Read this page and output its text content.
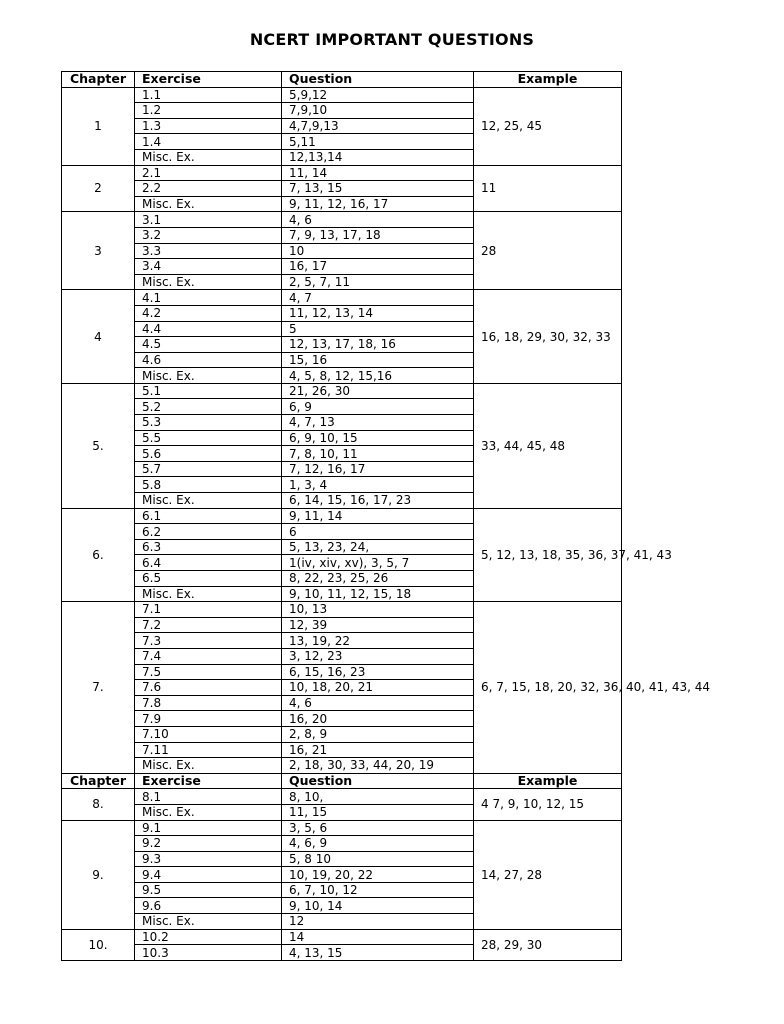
NCERT IMPORTANT QUESTIONS
Chapter	Exercise	Question	Example
1	1.1	5,9,12	12, 25, 45
	1.2	7,9,10	
	1.3	4,7,9,13	
	1.4	5,11	
	Misc. Ex.	12,13,14	
2	2.1	11, 14	11
	2.2	7, 13, 15	
	Misc. Ex.	9, 11, 12, 16, 17	
3	3.1	4, 6	28
	3.2	7, 9, 13, 17, 18	
	3.3	10	
	3.4	16, 17	
	Misc. Ex.	2, 5, 7, 11	
4	4.1	4, 7	16, 18, 29, 30, 32, 33
	4.2	11, 12, 13, 14	
	4.4	5	
	4.5	12, 13, 17, 18, 16	
	4.6	15, 16	
	Misc. Ex.	4, 5, 8, 12, 15,16	
5.	5.1	21, 26, 30	33, 44, 45, 48
	5.2	6, 9	
	5.3	4, 7, 13	
	5.5	6, 9, 10, 15	
	5.6	7, 8, 10, 11	
	5.7	7, 12, 16, 17	
	5.8	1, 3, 4	
	Misc. Ex.	6, 14, 15, 16, 17, 23	
6.	6.1	9, 11, 14	5, 12, 13, 18, 35, 36, 37, 41, 43
	6.2	6	
	6.3	5, 13, 23, 24,	
	6.4	1(iv, xiv, xv), 3, 5, 7	
	6.5	8, 22, 23, 25, 26	
	Misc. Ex.	9, 10, 11, 12, 15, 18	
7.	7.1	10, 13	6, 7, 15, 18, 20, 32, 36, 40, 41, 43, 44
	7.2	12, 39	
	7.3	13, 19, 22	
	7.4	3, 12, 23	
	7.5	6, 15, 16, 23	
	7.6	10, 18, 20, 21	
	7.8	4, 6	
	7.9	16, 20	
	7.10	2, 8, 9	
	7.11	16, 21	
	Misc. Ex.	2, 18, 30, 33, 44, 20, 19	
Chapter	Exercise	Question	Example
8.	8.1	8, 10,	4 7, 9, 10, 12, 15
	Misc. Ex.	11, 15	
9.	9.1	3, 5, 6	14, 27, 28
	9.2	4, 6, 9	
	9.3	5, 8 10	
	9.4	10, 19, 20, 22	
	9.5	6, 7, 10, 12	
	9.6	9, 10, 14	
	Misc. Ex.	12	
10.	10.2	14	28, 29, 30
	10.3	4, 13, 15	
